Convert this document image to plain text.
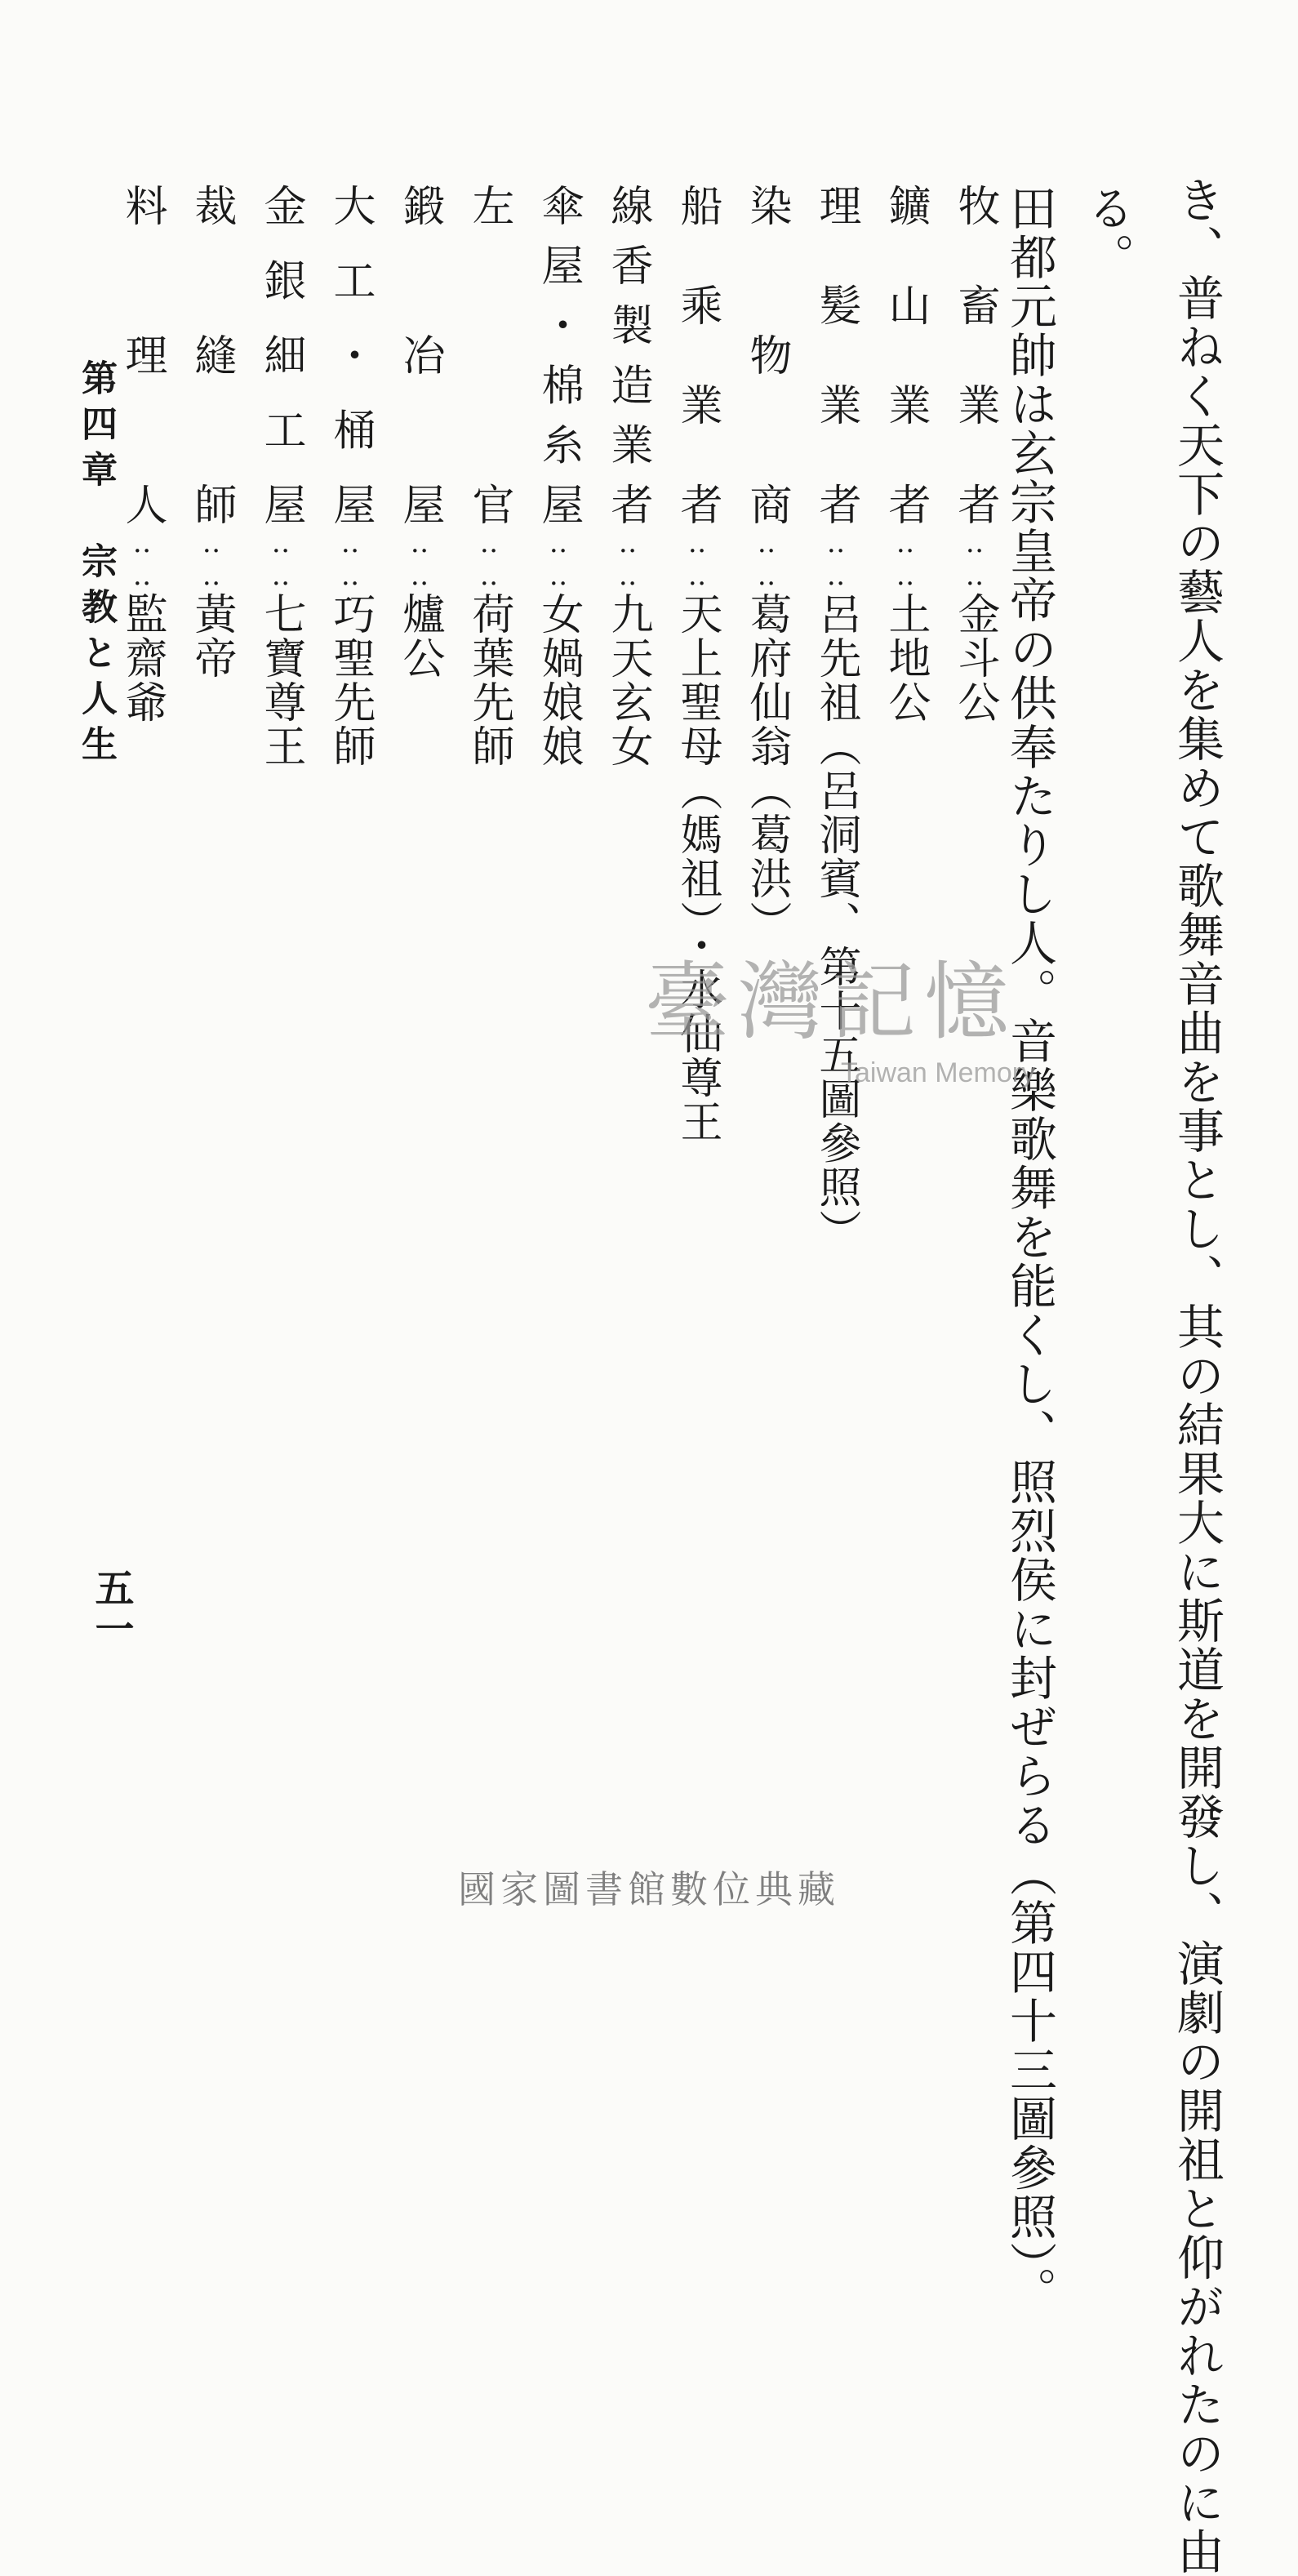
き、普ねく天下の藝人を集めて歌舞音曲を事とし、其の結果大に斯道を開發し、演劇の開祖と仰がれたのに由
る。
田都元帥は玄宗皇帝の供奉たりし人。音樂歌舞を能くし、照烈侯に封ぜらる（第四十三圖參照）。
牧畜業者‥‥金斗公
鑛山業者‥‥土地公
理髪業者‥‥呂先祖（呂洞賓、第十五圖參照）
染物商‥‥葛府仙翁（葛洪）
船乘業者‥‥天上聖母（媽祖）・水仙尊王
線香製造業者‥‥九天玄女
傘屋・棉糸屋‥‥女媧娘娘
左官‥‥荷葉先師
鍛冶屋‥‥爐公
大工・桶屋‥‥巧聖先師
金銀細工屋‥‥七寶尊王
裁縫師‥‥黃帝
料理人‥‥監齋爺
第四章　宗教と人生
五一
臺灣記憶
Taiwan Memory
國家圖書館數位典藏
